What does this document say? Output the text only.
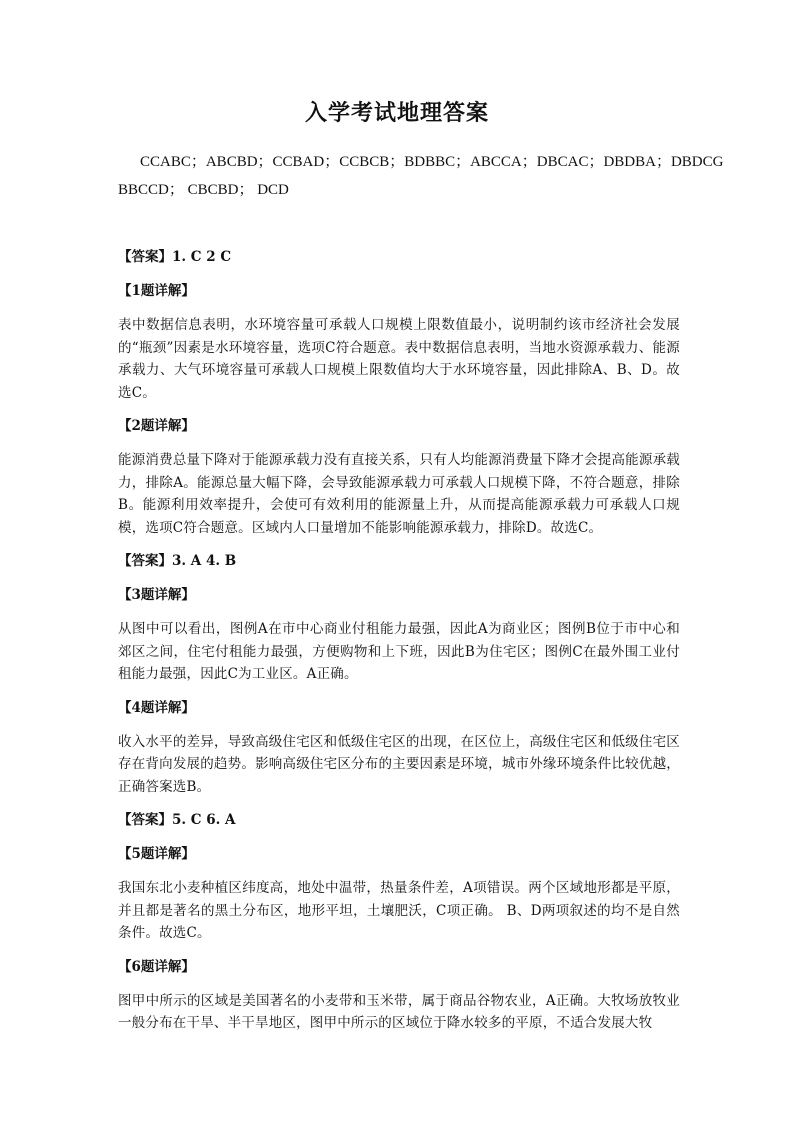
入学考试地理答案
CCABC；ABCBD；CCBAD；CCBCB；BDBBC；ABCCA；DBCAC；DBDBA；DBDCG
BBCCD； CBCBD； DCD
【答案】1. C 2 C
【1题详解】
表中数据信息表明，水环境容量可承载人口规模上限数值最小，说明制约该市经济社会发展的“瓶颈”因素是水环境容量，选项C符合题意。表中数据信息表明，当地水资源承载力、能源承载力、大气环境容量可承载人口规模上限数值均大于水环境容量，因此排除A、B、D。故选C。
【2题详解】
能源消费总量下降对于能源承载力没有直接关系，只有人均能源消费量下降才会提高能源承载力，排除A。能源总量大幅下降，会导致能源承载力可承载人口规模下降，不符合题意，排除B。能源利用效率提升，会使可有效利用的能源量上升，从而提高能源承载力可承载人口规模，选项C符合题意。区域内人口量增加不能影响能源承载力，排除D。故选C。
【答案】3. A 4. B
【3题详解】
从图中可以看出，图例A在市中心商业付租能力最强，因此A为商业区；图例B位于市中心和郊区之间，住宅付租能力最强，方便购物和上下班，因此B为住宅区；图例C在最外围工业付租能力最强，因此C为工业区。A正确。
【4题详解】
收入水平的差异，导致高级住宅区和低级住宅区的出现，在区位上，高级住宅区和低级住宅区存在背向发展的趋势。影响高级住宅区分布的主要因素是环境，城市外缘环境条件比较优越，正确答案选B。
【答案】5. C 6. A
【5题详解】
我国东北小麦种植区纬度高，地处中温带，热量条件差，A项错误。两个区域地形都是平原，并且都是著名的黑土分布区，地形平坦，土壤肥沃，C项正确。 B、D两项叙述的均不是自然条件。故选C。
【6题详解】
图甲中所示的区域是美国著名的小麦带和玉米带，属于商品谷物农业，A正确。大牧场放牧业一般分布在干旱、半干旱地区，图甲中所示的区域位于降水较多的平原，不适合发展大牧
